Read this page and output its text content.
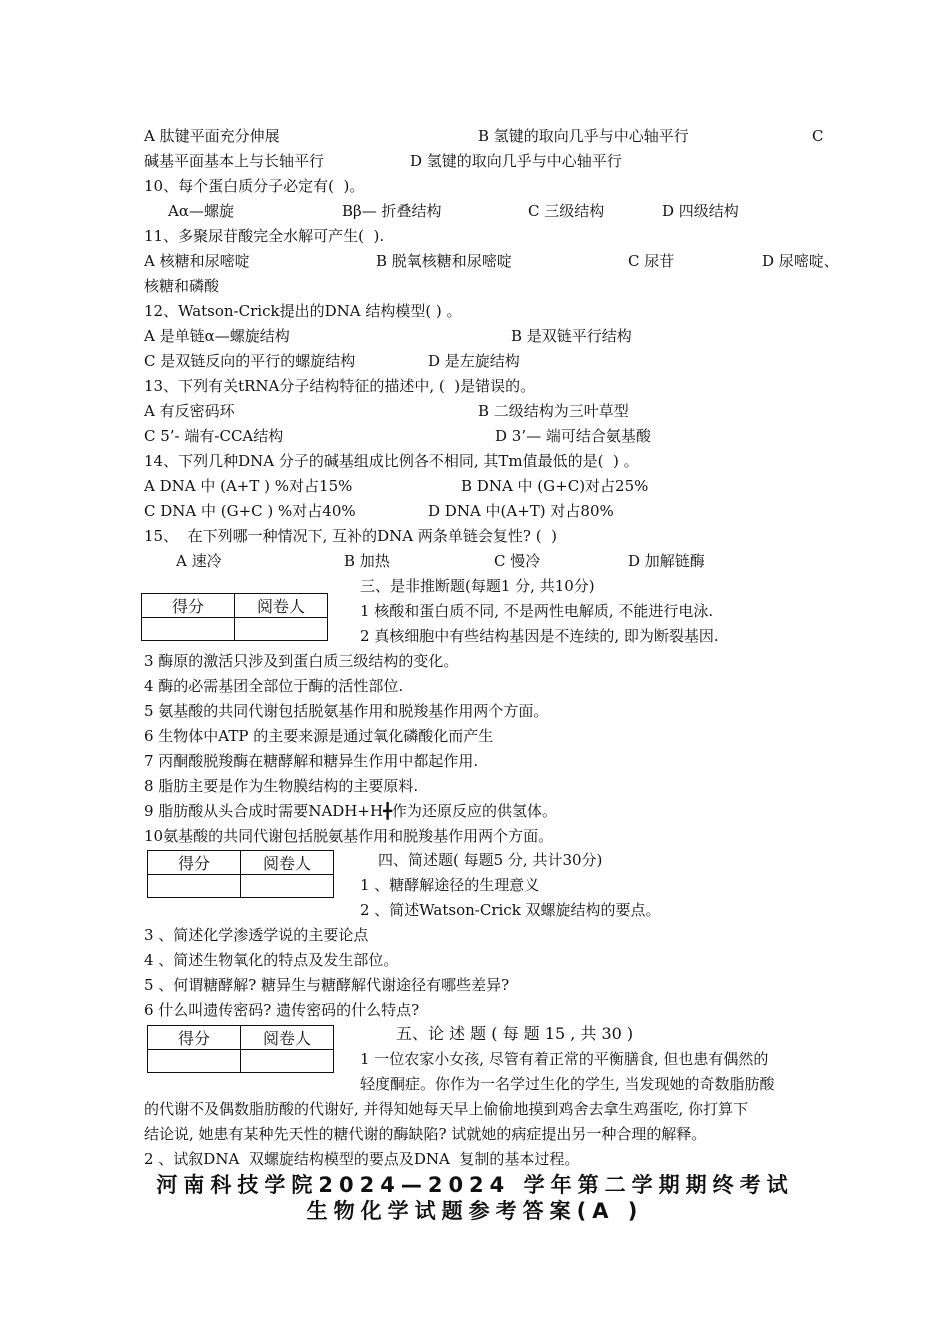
A 肽键平面充分伸展	B 氢键的取向几乎与中心轴平行	C
碱基平面基本上与长轴平行	D 氢键的取向几乎与中心轴平行
10、每个蛋白质分子必定有(  )。
Aα—螺旋	Bβ— 折叠结构	C 三级结构	D 四级结构
11、多聚尿苷酸完全水解可产生(  ).
A 核糖和尿嘧啶	B 脱氧核糖和尿嘧啶	C 尿苷	D 尿嘧啶、
核糖和磷酸
12、Watson-Crick提出的DNA 结构模型( ) 。
A 是单链α—螺旋结构	B 是双链平行结构
C 是双链反向的平行的螺旋结构	D 是左旋结构
13、下列有关tRNA分子结构特征的描述中, (  )是错误的。
A 有反密码环	B 二级结构为三叶草型
C 5’- 端有-CCA结构	D 3’— 端可结合氨基酸
14、下列几种DNA 分子的碱基组成比例各不相同, 其Tm值最低的是(  ) 。
A DNA 中 (A+T ) %对占15%	B DNA 中 (G+C)对占25%
C DNA 中 (G+C ) %对占40%	D DNA 中(A+T) 对占80%
15、  在下列哪一种情况下, 互补的DNA 两条单链会复性? (  )
A 速冷	B 加热	C 慢冷	D 加解链酶
得分	阅卷人

三、是非推断题(每题1 分, 共10分)
1 核酸和蛋白质不同, 不是两性电解质, 不能进行电泳.
2 真核细胞中有些结构基因是不连续的, 即为断裂基因.
3 酶原的激活只涉及到蛋白质三级结构的变化。
4 酶的必需基团全部位于酶的活性部位.
5 氨基酸的共同代谢包括脱氨基作用和脱羧基作用两个方面。
6 生物体中ATP 的主要来源是通过氧化磷酸化而产生
7 丙酮酸脱羧酶在糖酵解和糖异生作用中都起作用.
8 脂肪主要是作为生物膜结构的主要原料.
9 脂肪酸从头合成时需要NADH+H╋作为还原反应的供氢体。
10氨基酸的共同代谢包括脱氨基作用和脱羧基作用两个方面。
得分	阅卷人
		四、简述题( 每题5 分, 共计30分)
1 、糖酵解途径的生理意义
2 、简述Watson-Crick 双螺旋结构的要点。
3 、简述化学渗透学说的主要论点
4 、简述生物氧化的特点及发生部位。
5 、何谓糖酵解? 糖异生与糖酵解代谢途径有哪些差异?
6 什么叫遗传密码? 遗传密码的什么特点?
得分	阅卷人
		五、论 述 题 ( 每 题 15 , 共 30 )
1 一位农家小女孩, 尽管有着正常的平衡膳食, 但也患有偶然的
轻度酮症。你作为一名学过生化的学生, 当发现她的奇数脂肪酸
的代谢不及偶数脂肪酸的代谢好, 并得知她每天早上偷偷地摸到鸡舍去拿生鸡蛋吃, 你打算下
结论说, 她患有某种先天性的糖代谢的酶缺陷? 试就她的病症提出另一种合理的解释。
2 、试叙DNA  双螺旋结构模型的要点及DNA  复制的基本过程。
河南科技学院2024—2024 学年第二学期期终考试
生物化学试题参考答案(A )
